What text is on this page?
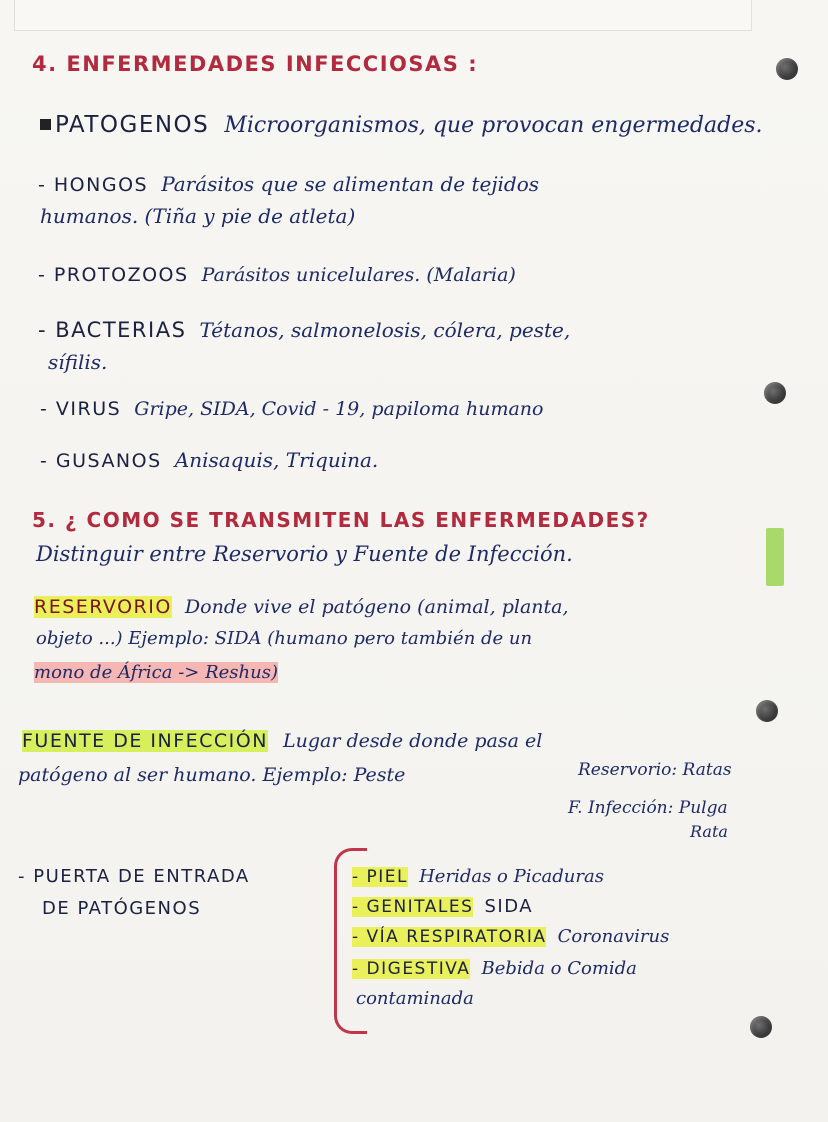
4. ENFERMEDADES INFECCIOSAS :
PATOGENOS Microorganismos, que provocan engermedades.
- HONGOS Parásitos que se alimentan de tejidos
humanos. (Tiña y pie de atleta)
- PROTOZOOS Parásitos unicelulares. (Malaria)
- BACTERIAS Tétanos, salmonelosis, cólera, peste,
sífilis.
- VIRUS Gripe, SIDA, Covid - 19, papiloma humano
- GUSANOS Anisaquis, Triquina.
5. ¿ COMO SE TRANSMITEN LAS ENFERMEDADES?
Distinguir entre Reservorio y Fuente de Infección.
RESERVORIO Donde vive el patógeno (animal, planta,
objeto ...) Ejemplo: SIDA (humano pero también de un
mono de África -> Reshus)
FUENTE DE INFECCIÓN Lugar desde donde pasa el
patógeno al ser humano. Ejemplo: Peste	Reservorio: Ratas
F. Infección: Pulga
Rata
- PUERTA DE ENTRADA
DE PATÓGENOS
- PIEL Heridas o Picaduras
- GENITALES SIDA
- VÍA RESPIRATORIA Coronavirus
- DIGESTIVA Bebida o Comida
contaminada
